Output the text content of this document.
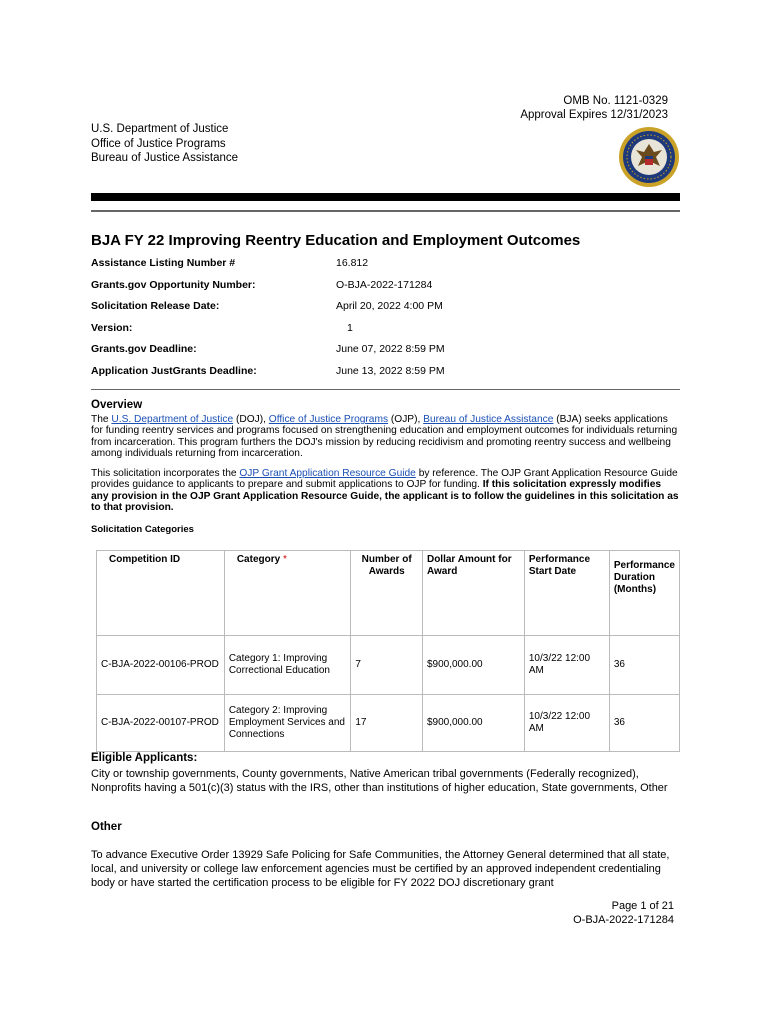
OMB No. 1121-0329
Approval Expires 12/31/2023
U.S. Department of Justice
Office of Justice Programs
Bureau of Justice Assistance
BJA FY 22 Improving Reentry Education and Employment Outcomes
Assistance Listing Number #	16.812
Grants.gov Opportunity Number:	O-BJA-2022-171284
Solicitation Release Date:	April 20, 2022 4:00 PM
Version:	1
Grants.gov Deadline:	June 07, 2022 8:59 PM
Application JustGrants Deadline:	June 13, 2022 8:59 PM
Overview
The U.S. Department of Justice (DOJ), Office of Justice Programs (OJP), Bureau of Justice Assistance (BJA) seeks applications for funding reentry services and programs focused on strengthening education and employment outcomes for individuals returning from incarceration. This program furthers the DOJ's mission by reducing recidivism and promoting reentry success and wellbeing among individuals returning from incarceration.
This solicitation incorporates the OJP Grant Application Resource Guide by reference. The OJP Grant Application Resource Guide provides guidance to applicants to prepare and submit applications to OJP for funding. If this solicitation expressly modifies any provision in the OJP Grant Application Resource Guide, the applicant is to follow the guidelines in this solicitation as to that provision.
Solicitation Categories
Competition ID	Category *	Number of Awards	Dollar Amount for Award	Performance Start Date	Performance Duration (Months)
C-BJA-2022-00106-PROD	Category 1: Improving Correctional Education	7	$900,000.00	10/3/22 12:00 AM	36
C-BJA-2022-00107-PROD	Category 2: Improving Employment Services and Connections	17	$900,000.00	10/3/22 12:00 AM	36
Eligible Applicants:
City or township governments, County governments, Native American tribal governments (Federally recognized), Nonprofits having a 501(c)(3) status with the IRS, other than institutions of higher education, State governments, Other
Other
To advance Executive Order 13929 Safe Policing for Safe Communities, the Attorney General determined that all state, local, and university or college law enforcement agencies must be certified by an approved independent credentialing body or have started the certification process to be eligible for FY 2022 DOJ discretionary grant
Page 1 of 21
O-BJA-2022-171284
